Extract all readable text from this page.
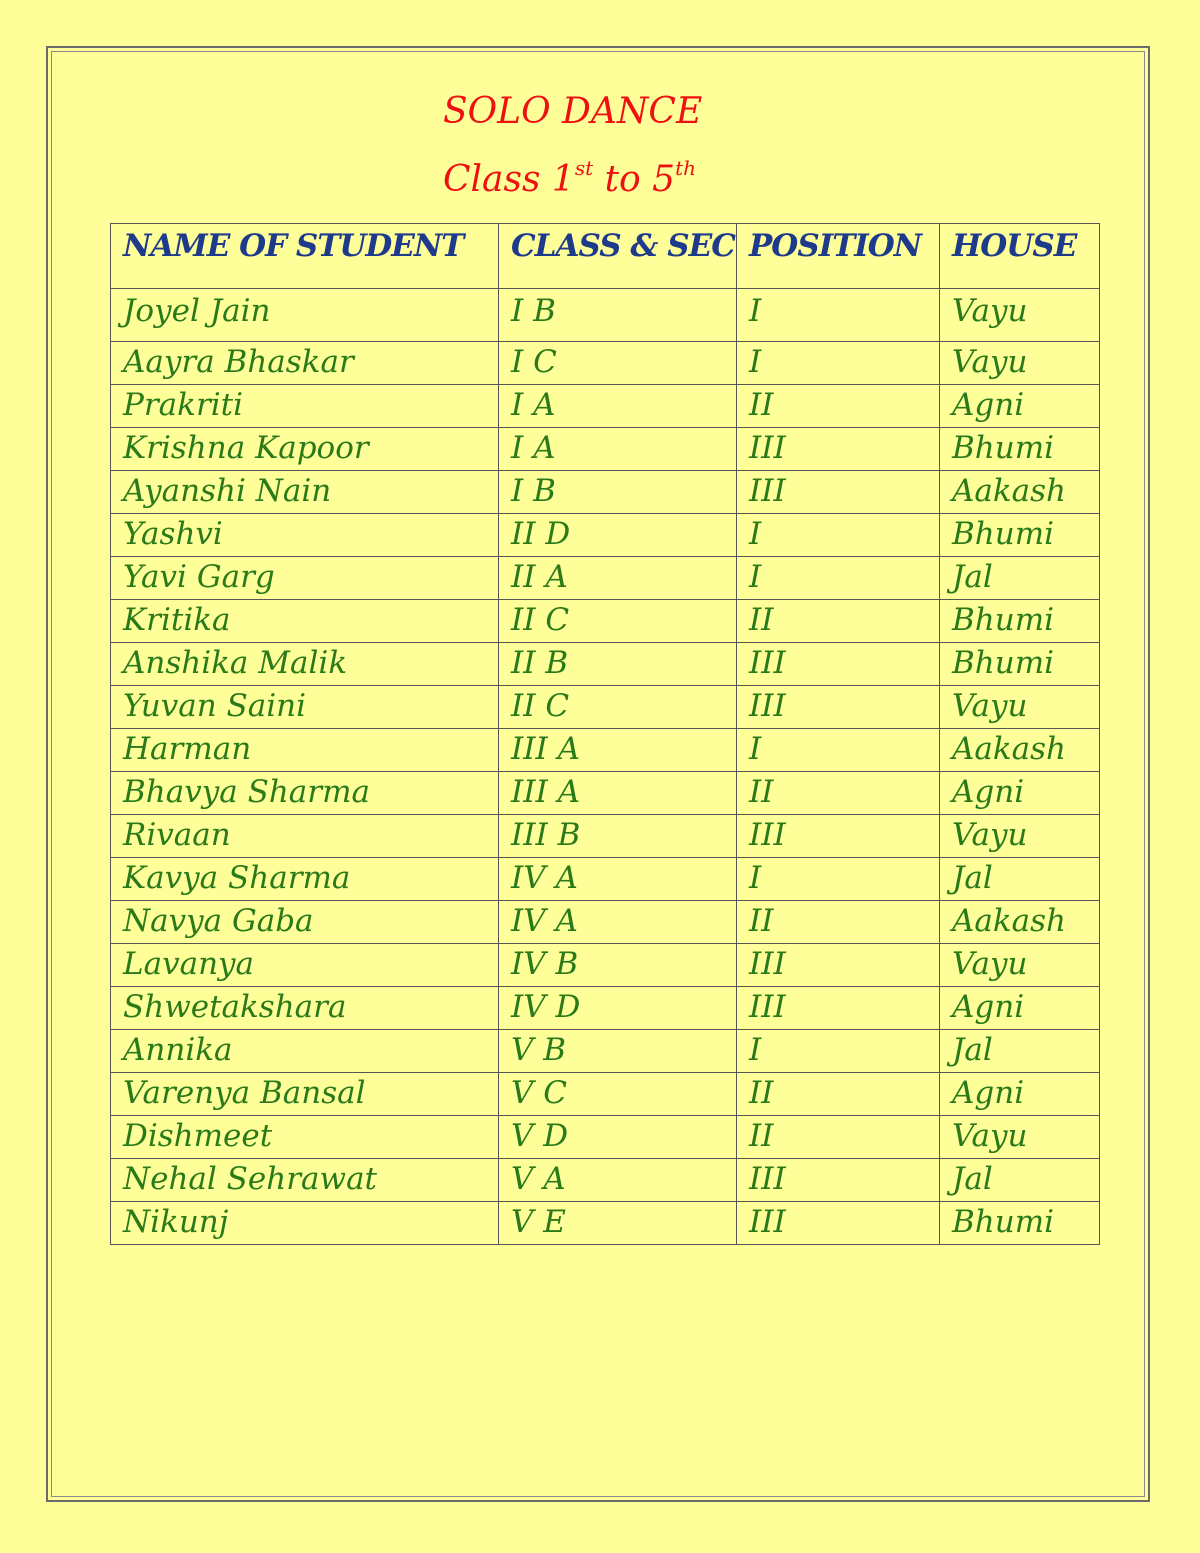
SOLO DANCE
Class 1st to 5th
NAME OF STUDENT	CLASS & SEC	POSITION	HOUSE
Joyel Jain	I B	I	Vayu
Aayra Bhaskar	I C	I	Vayu
Prakriti	I A	II	Agni
Krishna Kapoor	I A	III	Bhumi
Ayanshi Nain	I B	III	Aakash
Yashvi	II D	I	Bhumi
Yavi Garg	II A	I	Jal
Kritika	II C	II	Bhumi
Anshika Malik	II B	III	Bhumi
Yuvan Saini	II C	III	Vayu
Harman	III A	I	Aakash
Bhavya Sharma	III A	II	Agni
Rivaan	III B	III	Vayu
Kavya Sharma	IV A	I	Jal
Navya Gaba	IV A	II	Aakash
Lavanya	IV B	III	Vayu
Shwetakshara	IV D	III	Agni
Annika	V B	I	Jal
Varenya Bansal	V C	II	Agni
Dishmeet	V D	II	Vayu
Nehal Sehrawat	V A	III	Jal
Nikunj	V E	III	Bhumi
